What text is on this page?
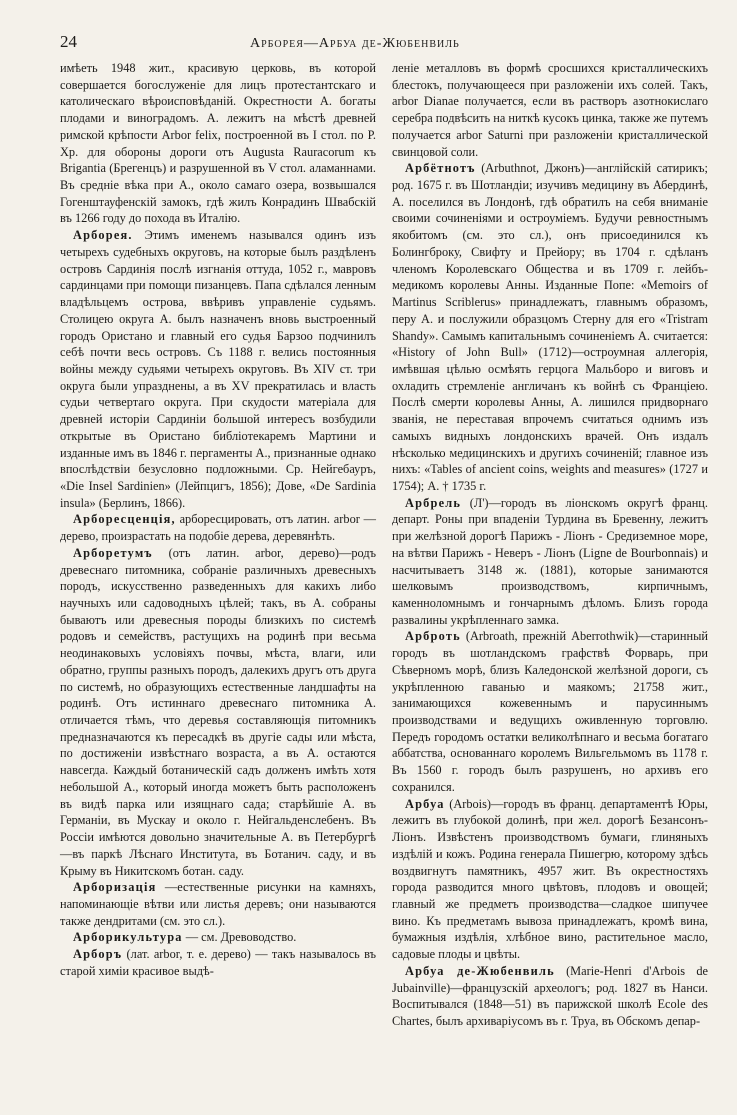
24	Арборея—Арбуа де-Жюбенвиль

имѣеть 1948 жит., красивую церковь, въ которой совершается богослуженіе для лицъ протестантскаго и католическаго вѣроисповѣданій. Окрестности А. богаты плодами и виноградомъ. А. лежитъ на мѣстѣ древней римской крѣпости Arbor felix, построенной въ I стол. по Р. Хр. для обороны дороги отъ Augusta Rauracorum къ Brigantia (Брегенцъ) и разрушенной въ V стол. аламаннами. Въ средніе вѣка при А., около самаго озера, возвышался Гогенштауфенскій замокъ, гдѣ жилъ Конрадинъ Швабскій въ 1266 году до похода въ Италію.

Арборея. Этимъ именемъ назывался одинъ изъ четырехъ судебныхъ округовъ, на которые былъ раздѣленъ островъ Сардинія послѣ изгнанія оттуда, 1052 г., мавровъ сардинцами при помощи пизанцевъ. Папа сдѣлался ленным владѣльцемъ острова, ввѣривъ управленіе судьямъ. Столицею округа А. былъ назначенъ вновь выстроенный городъ Ористано и главный его судья Барзоо подчинилъ себѣ почти весь островъ. Съ 1188 г. велись постоянныя войны между судьями четырехъ округовъ. Въ XIV ст. три округа были упразднены, а въ XV прекратилась и власть судьи четвертаго округа. При скудости матеріала для древней исторіи Сардиніи большой интересъ возбудили открытые въ Ористано библіотекаремъ Мартини и изданные имъ въ 1846 г. пергаменты А., признанные однако впослѣдствіи безусловно подложными. Ср. Нейгебауръ, «Die Insel Sardinien» (Лейпцигъ, 1856); Дове, «De Sardinia insula» (Берлинъ, 1866).

Арборесценція, арборесцировать, отъ латин. arbor — дерево, произрастать на подобіе дерева, деревянѣть.

Арборетумъ (отъ латин. arbor, дерево)—родъ древеснаго питомника, собраніе различныхъ древесныхъ породъ, искусственно разведенныхъ для какихъ либо научныхъ или садоводныхъ цѣлей; такъ, въ А. собраны бываютъ или древесныя породы близкихъ по системѣ родовъ и семействъ, растущихъ на родинѣ при весьма неодинаковыхъ условіяхъ почвы, мѣста, влаги, или обратно, группы разныхъ породъ, далекихъ другъ отъ друга по системѣ, но образующихъ естественные ландшафты на родинѣ. Отъ истиннаго древеснаго питомника А. отличается тѣмъ, что деревья составляющія питомникъ предназначаются къ пересадкѣ въ другіе сады или мѣста, по достиженіи извѣстнаго возраста, а въ А. остаются навсегда. Каждый ботаническій садъ долженъ имѣть хотя небольшой А., который иногда можетъ быть расположенъ въ видѣ парка или изящнаго сада; старѣйшіе А. въ Германіи, въ Мускау и около г. Нейгальденслебенъ. Въ Россіи имѣются довольно значительные А. въ Петербургѣ—въ паркѣ Лѣснаго Института, въ Ботанич. саду, и въ Крыму въ Никитскомъ ботан. саду.

Арборизація —естественные рисунки на камняхъ, напоминающіе вѣтви или листья деревъ; они называются также дендритами (см. это сл.).

Арборикультура — см. Древоводство.

Арборъ (лат. arbor, т. е. дерево) — такъ называлось въ старой химіи красивое выдѣ-

леніе металловъ въ формѣ сросшихся кристаллическихъ блестокъ, получающееся при разложеніи ихъ солей. Такъ, arbor Dianae получается, если въ растворъ азотнокислаго серебра подвѣсить на ниткѣ кусокъ цинка, также же путемъ получается arbor Saturni при разложеніи кристаллической свинцовой соли.

Арбётнотъ (Arbuthnot, Джонъ)—англійскій сатирикъ; род. 1675 г. въ Шотландіи; изучивъ медицину въ Абердинѣ, А. поселился въ Лондонѣ, гдѣ обратилъ на себя вниманіе своими сочиненіями и остроуміемъ. Будучи ревностнымъ якобитомъ (см. это сл.), онъ присоединился къ Болингброку, Свифту и Прейору; въ 1704 г. сдѣланъ членомъ Королевскаго Общества и въ 1709 г. лейбъ-медикомъ королевы Анны. Изданные Попе: «Memoirs of Martinus Scriblerus» принадлежатъ, главнымъ образомъ, перу А. и послужили образцомъ Стерну для его «Tristram Shandy». Самымъ капитальнымъ сочиненіемъ А. считается: «History of John Bull» (1712)—остроумная аллегорія, имѣвшая цѣлью осмѣять герцога Мальборо и виговъ и охладить стремленіе англичанъ къ войнѣ съ Франціею. Послѣ смерти королевы Анны, А. лишился придворнаго званія, не переставая впрочемъ считаться однимъ изъ самыхъ видныхъ лондонскихъ врачей. Онъ издалъ нѣсколько медицинскихъ и другихъ сочиненій; главное изъ нихъ: «Tables of ancient coins, weights and measures» (1727 и 1754); А. † 1735 г.

Арбрель (Л')—городъ въ ліонскомъ округѣ франц. департ. Роны при впаденіи Турдина въ Бревенну, лежитъ при желѣзной дорогѣ Парижъ - Ліонъ - Средиземное море, на вѣтви Парижъ - Неверъ - Ліонъ (Ligne de Bourbonnais) и насчитываетъ 3148 ж. (1881), которые занимаются шелковымъ производствомъ, кирпичнымъ, каменноломнымъ и гончарнымъ дѣломъ. Близъ города развалины укрѣпленнаго замка.

Арброть (Arbroath, прежній Aberrothwik)—старинный городъ въ шотландскомъ графствѣ Форварь, при Сѣверномъ морѣ, близъ Каледонской желѣзной дороги, съ укрѣпленною гаванью и маякомъ; 21758 жит., занимающихся кожевеннымъ и парусиннымъ производствами и ведущихъ оживленную торговлю. Передъ городомъ остатки великолѣпнаго и весьма богатаго аббатства, основаннаго королемъ Вильгельмомъ въ 1178 г. Въ 1560 г. городъ былъ разрушенъ, но архивъ его сохранился.

Арбуа (Arbois)—городъ въ франц. департаментѣ Юры, лежитъ въ глубокой долинѣ, при жел. дорогѣ Безансонъ-Ліонъ. Извѣстенъ производствомъ бумаги, глиняныхъ издѣлій и кожъ. Родина генерала Пишегрю, которому здѣсь воздвигнутъ памятникъ, 4957 жит. Въ окрестностяхъ города разводится много цвѣтовъ, плодовъ и овощей; главный же предметъ производства—сладкое шипучее вино. Къ предметамъ вывоза принадлежатъ, кромѣ вина, бумажныя издѣлія, хлѣбное вино, растительное масло, садовые плоды и цвѣты.

Арбуа де-Жюбенвиль (Marie-Henri d'Arbois de Jubainville)—французскій археологъ; род. 1827 въ Нанси. Воспитывался (1848—51) въ парижской школѣ Ecole des Chartes, былъ архиваріусомъ въ г. Труа, въ Обскомъ депар-
